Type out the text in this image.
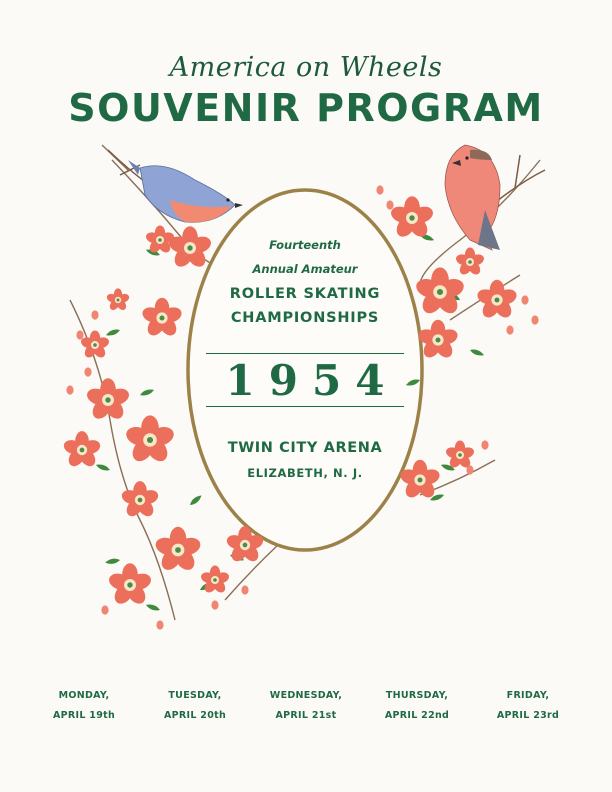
America on Wheels
SOUVENIR PROGRAM
Fourteenth
Annual Amateur
ROLLER SKATING
CHAMPIONSHIPS
1954
TWIN CITY ARENA
ELIZABETH, N. J.
MONDAY,
APRIL 19th
TUESDAY,
APRIL 20th
WEDNESDAY,
APRIL 21st
THURSDAY,
APRIL 22nd
FRIDAY,
APRIL 23rd
